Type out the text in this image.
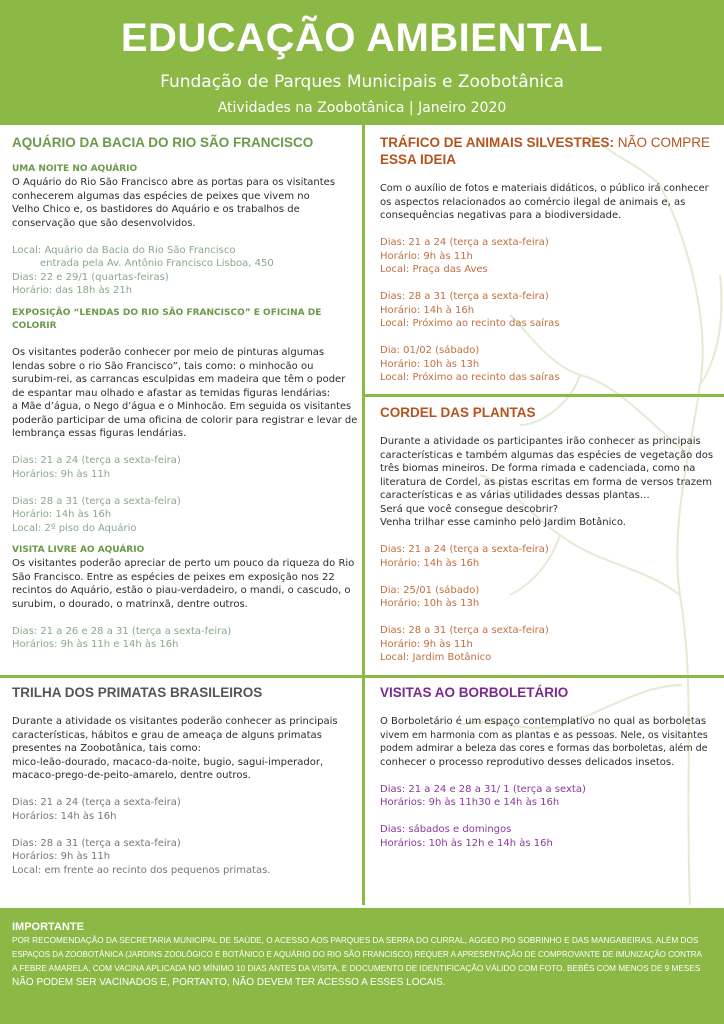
EDUCAÇÃO AMBIENTAL
Fundação de Parques Municipais e Zoobotânica
Atividades na Zoobotânica | Janeiro 2020

AQUÁRIO DA BACIA DO RIO SÃO FRANCISCO

UMA NOITE NO AQUÁRIO

O Aquário do Rio São Francisco abre as portas para os visitantes

conhecerem algumas das espécies de peixes que vivem no

Velho Chico e, os bastidores do Aquário e os trabalhos de

conservação que são desenvolvidos.

Local: Aquário da Bacia do Rio São Francisco

entrada pela Av. Antônio Francisco Lisboa, 450

Dias: 22 e 29/1 (quartas-feiras)

Horário: das 18h às 21h

EXPOSIÇÃO “LENDAS DO RIO SÃO FRANCISCO” E OFICINA DE

COLORIR

Os visitantes poderão conhecer por meio de pinturas algumas

lendas sobre o rio São Francisco”, tais como: o minhocão ou

surubim-rei, as carrancas esculpidas em madeira que têm o poder

de espantar mau olhado e afastar as temidas figuras lendárias:

a Mãe d’água, o Nego d’água e o Minhocão. Em seguida os visitantes

poderão participar de uma oficina de colorir para registrar e levar de

lembrança essas figuras lendárias.

Dias: 21 a 24 (terça a sexta-feira)

Horários: 9h às 11h

Dias: 28 a 31 (terça a sexta-feira)

Horário: 14h às 16h

Local: 2º piso do Aquário

VISITA LIVRE AO AQUÁRIO

Os visitantes poderão apreciar de perto um pouco da riqueza do Rio

São Francisco. Entre as espécies de peixes em exposição nos 22

recintos do Aquário, estão o piau-verdadeiro, o mandi, o cascudo, o

surubim, o dourado, o matrinxã, dentre outros.

Dias: 21 a 26 e 28 a 31 (terça a sexta-feira)

Horários: 9h às 11h e 14h às 16h

TRÁFICO DE ANIMAIS SILVESTRES: NÃO COMPRE

ESSA IDEIA

Com o auxílio de fotos e materiais didáticos, o público irá conhecer

os aspectos relacionados ao comércio ilegal de animais e, as

consequências negativas para a biodiversidade.

Dias: 21 a 24 (terça a sexta-feira)

Horário: 9h às 11h

Local: Praça das Aves

Dias: 28 a 31 (terça a sexta-feira)

Horário: 14h à 16h

Local: Próximo ao recinto das saíras

Dia: 01/02 (sábado)

Horário: 10h às 13h

Local: Próximo ao recinto das saíras

CORDEL DAS PLANTAS

Durante a atividade os participantes irão conhecer as principais

características e também algumas das espécies de vegetação dos

três biomas mineiros. De forma rimada e cadenciada, como na

literatura de Cordel, as pistas escritas em forma de versos trazem

características e as várias utilidades dessas plantas…

Será que você consegue descobrir?

Venha trilhar esse caminho pelo Jardim Botânico.

Dias: 21 a 24 (terça a sexta-feira)

Horário: 14h às 16h

Dia: 25/01 (sábado)

Horário: 10h às 13h

Dias: 28 a 31 (terça a sexta-feira)

Horário: 9h às 11h

Local: Jardim Botânico

TRILHA DOS PRIMATAS BRASILEIROS

Durante a atividade os visitantes poderão conhecer as principais

características, hábitos e grau de ameaça de alguns primatas

presentes na Zoobotânica, tais como:

mico-leão-dourado, macaco-da-noite, bugio, sagui-imperador,

macaco-prego-de-peito-amarelo, dentre outros.

Dias: 21 a 24 (terça a sexta-feira)

Horários: 14h às 16h

Dias: 28 a 31 (terça a sexta-feira)

Horários: 9h às 11h

Local: em frente ao recinto dos pequenos primatas.

VISITAS AO BORBOLETÁRIO

O Borboletário é um espaço contemplativo no qual as borboletas

vivem em harmonia com as plantas e as pessoas. Nele, os visitantes

podem admirar a beleza das cores e formas das borboletas, além de

conhecer o processo reprodutivo desses delicados insetos.

Dias: 21 a 24 e 28 a 31/ 1 (terça a sexta)

Horários: 9h às 11h30 e 14h às 16h

Dias: sábados e domingos

Horários: 10h às 12h e 14h às 16h

IMPORTANTE

POR RECOMENDAÇÃO DA SECRETARIA MUNICIPAL DE SAÚDE, O ACESSO AOS PARQUES DA SERRA DO CURRAL, AGGEO PIO SOBRINHO E DAS MANGABEIRAS, ALÉM DOS

ESPAÇOS DA ZOOBOTÂNICA (JARDINS ZOOLÓGICO E BOTÂNICO E AQUÁRIO DO RIO SÃO FRANCISCO) REQUER A APRESENTAÇÃO DE COMPROVANTE DE IMUNIZAÇÃO CONTRA

A FEBRE AMARELA, COM VACINA APLICADA NO MÍNIMO 10 DIAS ANTES DA VISITA, E DOCUMENTO DE IDENTIFICAÇÃO VÁLIDO COM FOTO. BEBÊS COM MENOS DE 9 MESES

NÃO PODEM SER VACINADOS E, PORTANTO, NÃO DEVEM TER ACESSO A ESSES LOCAIS.
